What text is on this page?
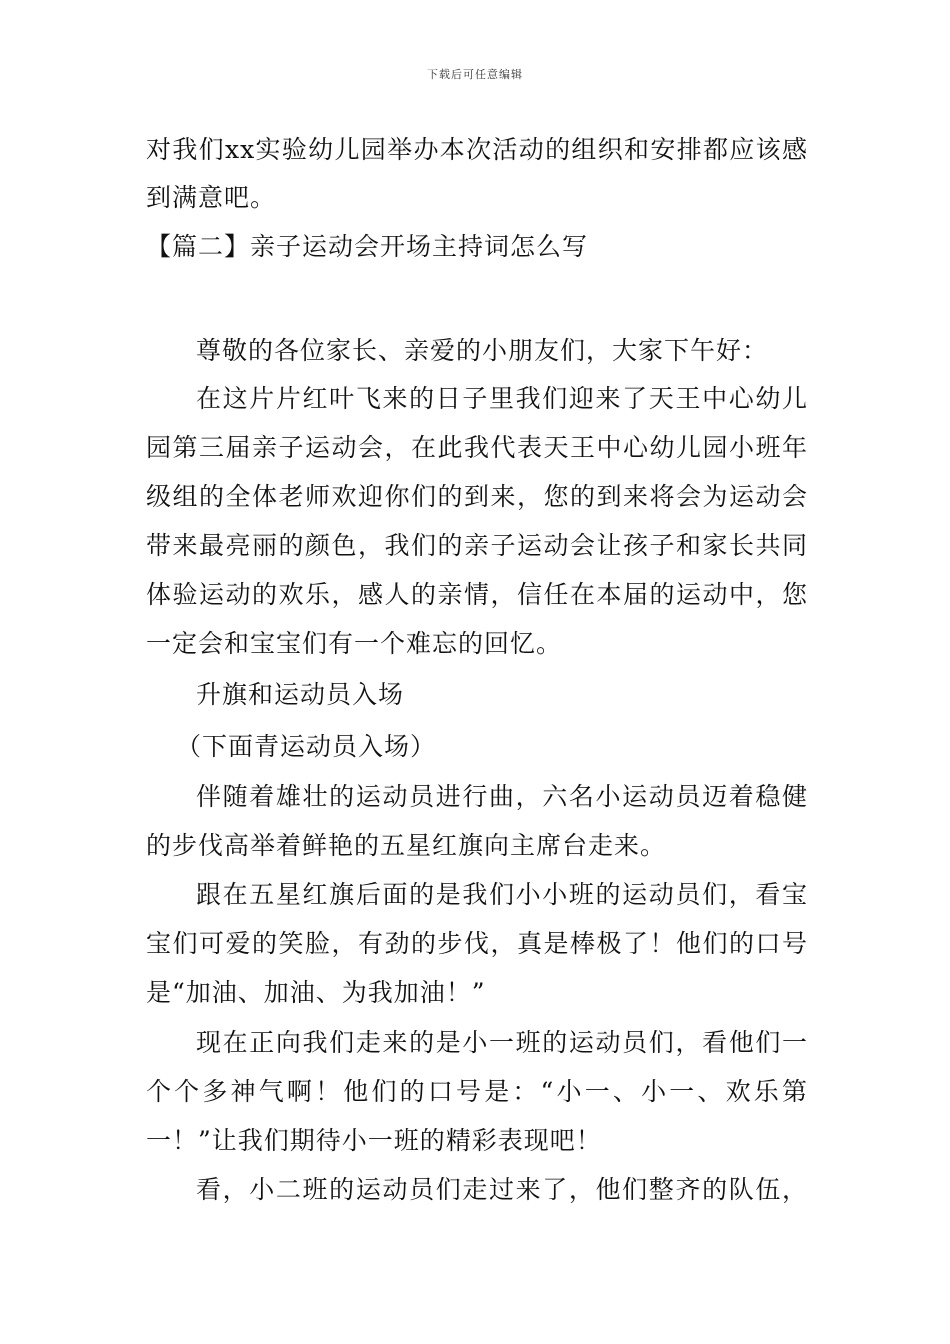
下载后可任意编辑
对我们xx实验幼儿园举办本次活动的组织和安排都应该感
到满意吧。
【篇二】亲子运动会开场主持词怎么写
尊敬的各位家长、亲爱的小朋友们，大家下午好：
在这片片红叶飞来的日子里我们迎来了天王中心幼儿
园第三届亲子运动会，在此我代表天王中心幼儿园小班年
级组的全体老师欢迎你们的到来，您的到来将会为运动会
带来最亮丽的颜色，我们的亲子运动会让孩子和家长共同
体验运动的欢乐，感人的亲情，信任在本届的运动中，您
一定会和宝宝们有一个难忘的回忆。
升旗和运动员入场
（下面青运动员入场）
伴随着雄壮的运动员进行曲，六名小运动员迈着稳健
的步伐高举着鲜艳的五星红旗向主席台走来。
跟在五星红旗后面的是我们小小班的运动员们，看宝
宝们可爱的笑脸，有劲的步伐，真是棒极了！他们的口号
是“加油、加油、为我加油！”
现在正向我们走来的是小一班的运动员们，看他们一
个个多神气啊！他们的口号是：“小一、小一、欢乐第
一！”让我们期待小一班的精彩表现吧！
看，小二班的运动员们走过来了，他们整齐的队伍，
